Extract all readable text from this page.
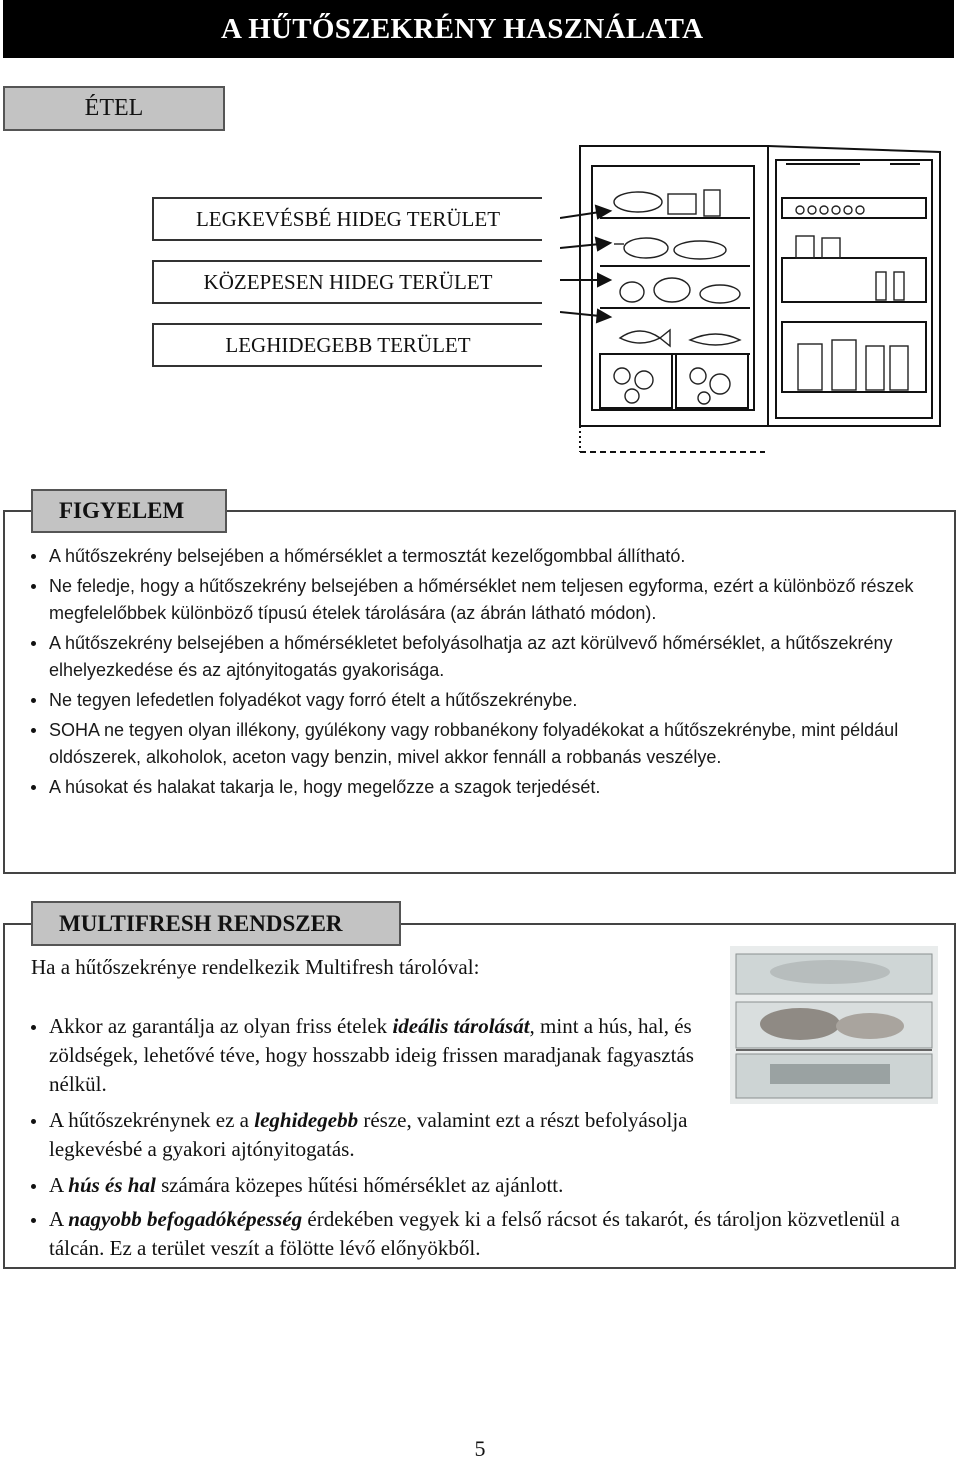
A HŰTŐSZEKRÉNY HASZNÁLATA
ÉTEL
LEGKEVÉSBÉ HIDEG TERÜLET
KÖZEPESEN HIDEG TERÜLET
LEGHIDEGEBB TERÜLET
FIGYELEM
A hűtőszekrény belsejében a hőmérséklet a termosztát kezelőgombbal állítható.
Ne feledje, hogy a hűtőszekrény belsejében a hőmérséklet nem teljesen egyforma, ezért a különböző részek megfelelőbbek különböző típusú ételek tárolására (az ábrán látható módon).
A hűtőszekrény belsejében a hőmérsékletet befolyásolhatja az azt körülvevő hőmérséklet, a hűtőszekrény elhelyezkedése és az ajtónyitogatás gyakorisága.
Ne tegyen lefedetlen folyadékot vagy forró ételt a hűtőszekrénybe.
SOHA ne tegyen olyan illékony, gyúlékony vagy robbanékony folyadékokat a hűtőszekrénybe, mint például oldószerek, alkoholok, aceton vagy benzin, mivel akkor fennáll a robbanás veszélye.
A húsokat és halakat takarja le, hogy megelőzze a szagok terjedését.
MULTIFRESH RENDSZER
Ha a hűtőszekrénye rendelkezik Multifresh tárolóval:
Akkor az garantálja az olyan friss ételek ideális tárolását, mint a hús, hal, és zöldségek, lehetővé téve, hogy hosszabb ideig frissen maradjanak fagyasztás nélkül.
A hűtőszekrénynek ez a leghidegebb része, valamint ezt a részt befolyásolja legkevésbé a gyakori ajtónyitogatás.
A hús és hal számára közepes hűtési hőmérséklet az ajánlott.
A nagyobb befogadóképesség érdekében vegyek ki a felső rácsot és takarót, és tároljon közvetlenül a tálcán. Ez a terület veszít a fölötte lévő előnyökből.
5
